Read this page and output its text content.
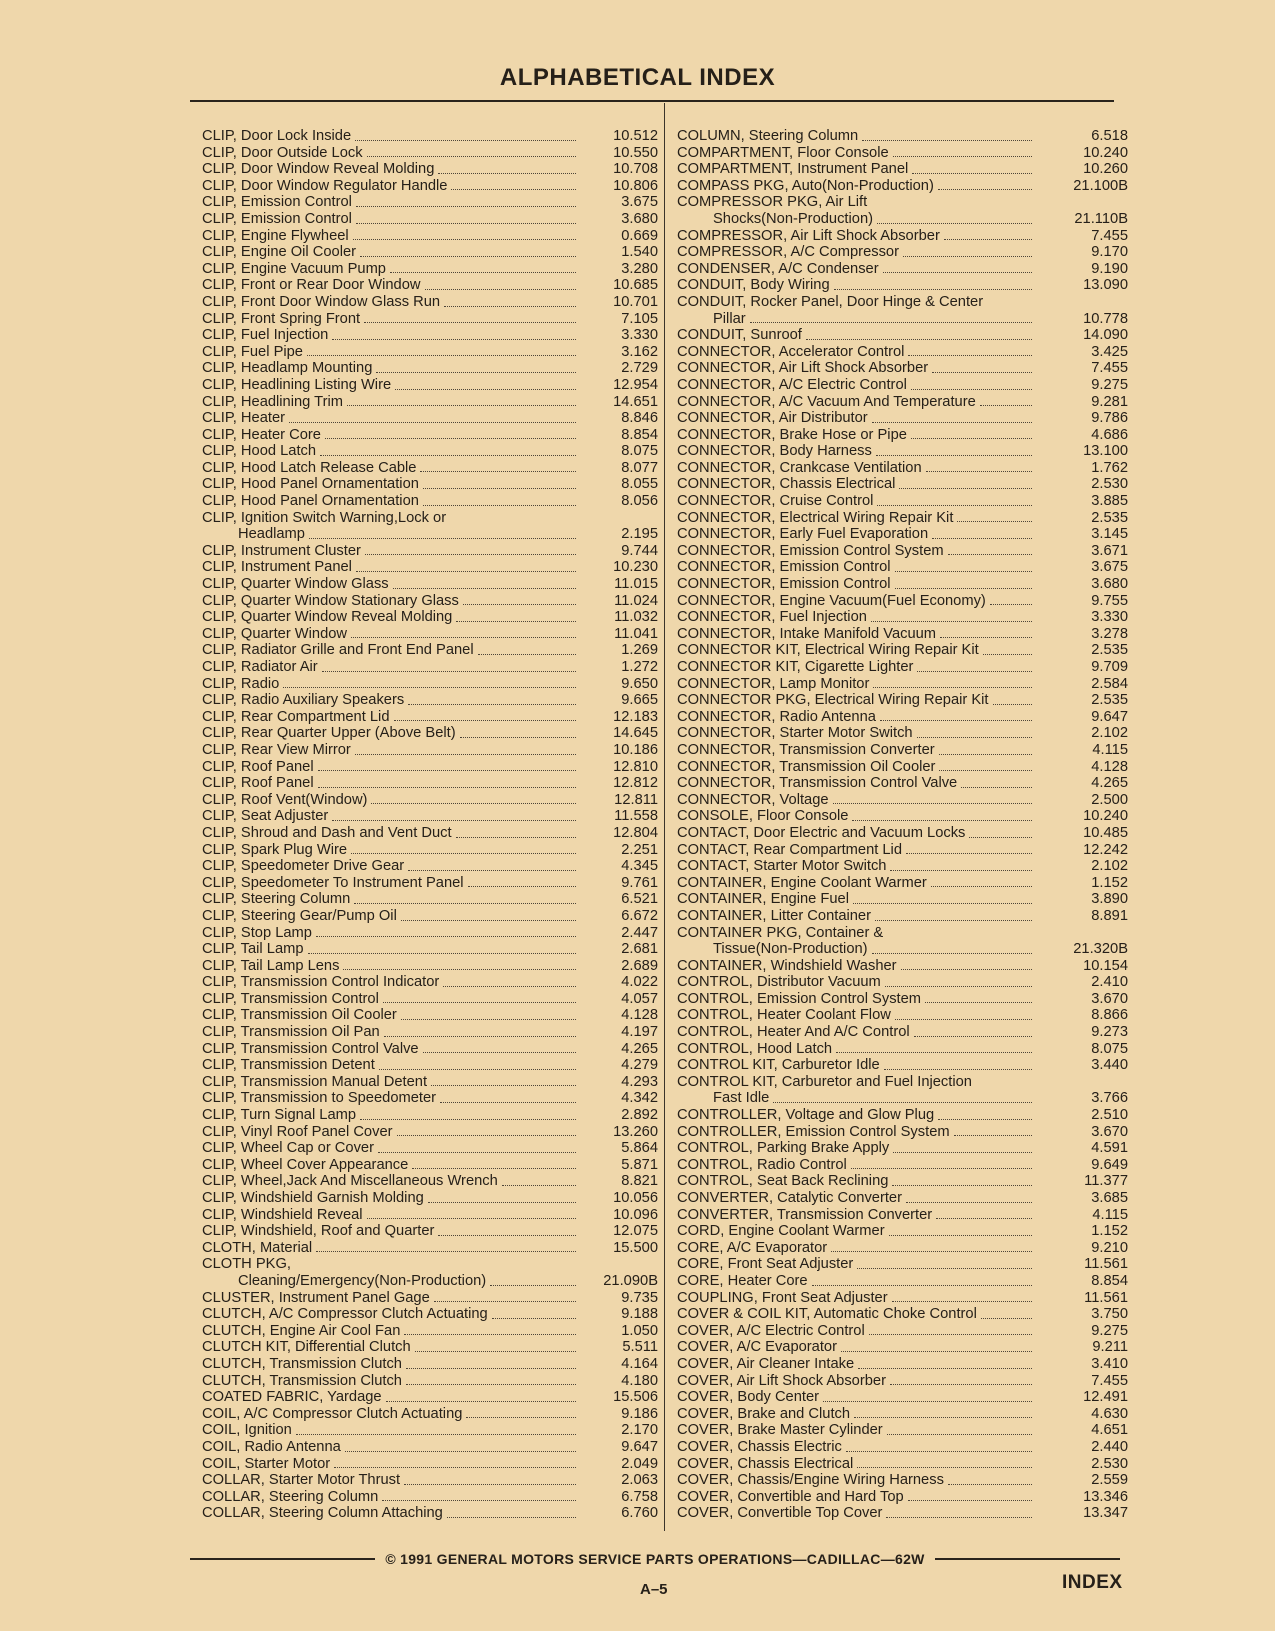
ALPHABETICAL INDEX
CLIP, Door Lock Inside	10.512
CLIP, Door Outside Lock	10.550
CLIP, Door Window Reveal Molding	10.708
CLIP, Door Window Regulator Handle	10.806
CLIP, Emission Control	3.675
CLIP, Emission Control	3.680
CLIP, Engine Flywheel	0.669
CLIP, Engine Oil Cooler	1.540
CLIP, Engine Vacuum Pump	3.280
CLIP, Front or Rear Door Window	10.685
CLIP, Front Door Window Glass Run	10.701
CLIP, Front Spring Front	7.105
CLIP, Fuel Injection	3.330
CLIP, Fuel Pipe	3.162
CLIP, Headlamp Mounting	2.729
CLIP, Headlining Listing Wire	12.954
CLIP, Headlining Trim	14.651
CLIP, Heater	8.846
CLIP, Heater Core	8.854
CLIP, Hood Latch	8.075
CLIP, Hood Latch Release Cable	8.077
CLIP, Hood Panel Ornamentation	8.055
CLIP, Hood Panel Ornamentation	8.056
CLIP, Ignition Switch Warning,Lock or
Headlamp	2.195
CLIP, Instrument Cluster	9.744
CLIP, Instrument Panel	10.230
CLIP, Quarter Window Glass	11.015
CLIP, Quarter Window Stationary Glass	11.024
CLIP, Quarter Window Reveal Molding	11.032
CLIP, Quarter Window	11.041
CLIP, Radiator Grille and Front End Panel	1.269
CLIP, Radiator Air	1.272
CLIP, Radio	9.650
CLIP, Radio Auxiliary Speakers	9.665
CLIP, Rear Compartment Lid	12.183
CLIP, Rear Quarter Upper (Above Belt)	14.645
CLIP, Rear View Mirror	10.186
CLIP, Roof Panel	12.810
CLIP, Roof Panel	12.812
CLIP, Roof Vent(Window)	12.811
CLIP, Seat Adjuster	11.558
CLIP, Shroud and Dash and Vent Duct	12.804
CLIP, Spark Plug Wire	2.251
CLIP, Speedometer Drive Gear	4.345
CLIP, Speedometer To Instrument Panel	9.761
CLIP, Steering Column	6.521
CLIP, Steering Gear/Pump Oil	6.672
CLIP, Stop Lamp	2.447
CLIP, Tail Lamp	2.681
CLIP, Tail Lamp Lens	2.689
CLIP, Transmission Control Indicator	4.022
CLIP, Transmission Control	4.057
CLIP, Transmission Oil Cooler	4.128
CLIP, Transmission Oil Pan	4.197
CLIP, Transmission Control Valve	4.265
CLIP, Transmission Detent	4.279
CLIP, Transmission Manual Detent	4.293
CLIP, Transmission to Speedometer	4.342
CLIP, Turn Signal Lamp	2.892
CLIP, Vinyl Roof Panel Cover	13.260
CLIP, Wheel Cap or Cover	5.864
CLIP, Wheel Cover Appearance	5.871
CLIP, Wheel,Jack And Miscellaneous Wrench	8.821
CLIP, Windshield Garnish Molding	10.056
CLIP, Windshield Reveal	10.096
CLIP, Windshield, Roof and Quarter	12.075
CLOTH, Material	15.500
CLOTH PKG,
Cleaning/Emergency(Non-Production)	21.090B
CLUSTER, Instrument Panel Gage	9.735
CLUTCH, A/C Compressor Clutch Actuating	9.188
CLUTCH, Engine Air Cool Fan	1.050
CLUTCH KIT, Differential Clutch	5.511
CLUTCH, Transmission Clutch	4.164
CLUTCH, Transmission Clutch	4.180
COATED FABRIC, Yardage	15.506
COIL, A/C Compressor Clutch Actuating	9.186
COIL, Ignition	2.170
COIL, Radio Antenna	9.647
COIL, Starter Motor	2.049
COLLAR, Starter Motor Thrust	2.063
COLLAR, Steering Column	6.758
COLLAR, Steering Column Attaching	6.760
COLUMN, Steering Column	6.518
COMPARTMENT, Floor Console	10.240
COMPARTMENT, Instrument Panel	10.260
COMPASS PKG, Auto(Non-Production)	21.100B
COMPRESSOR PKG, Air Lift
Shocks(Non-Production)	21.110B
COMPRESSOR, Air Lift Shock Absorber	7.455
COMPRESSOR, A/C Compressor	9.170
CONDENSER, A/C Condenser	9.190
CONDUIT, Body Wiring	13.090
CONDUIT, Rocker Panel, Door Hinge & Center
Pillar	10.778
CONDUIT, Sunroof	14.090
CONNECTOR, Accelerator Control	3.425
CONNECTOR, Air Lift Shock Absorber	7.455
CONNECTOR, A/C Electric Control	9.275
CONNECTOR, A/C Vacuum And Temperature	9.281
CONNECTOR, Air Distributor	9.786
CONNECTOR, Brake Hose or Pipe	4.686
CONNECTOR, Body Harness	13.100
CONNECTOR, Crankcase Ventilation	1.762
CONNECTOR, Chassis Electrical	2.530
CONNECTOR, Cruise Control	3.885
CONNECTOR, Electrical Wiring Repair Kit	2.535
CONNECTOR, Early Fuel Evaporation	3.145
CONNECTOR, Emission Control System	3.671
CONNECTOR, Emission Control	3.675
CONNECTOR, Emission Control	3.680
CONNECTOR, Engine Vacuum(Fuel Economy)	9.755
CONNECTOR, Fuel Injection	3.330
CONNECTOR, Intake Manifold Vacuum	3.278
CONNECTOR KIT, Electrical Wiring Repair Kit	2.535
CONNECTOR KIT, Cigarette Lighter	9.709
CONNECTOR, Lamp Monitor	2.584
CONNECTOR PKG, Electrical Wiring Repair Kit	2.535
CONNECTOR, Radio Antenna	9.647
CONNECTOR, Starter Motor Switch	2.102
CONNECTOR, Transmission Converter	4.115
CONNECTOR, Transmission Oil Cooler	4.128
CONNECTOR, Transmission Control Valve	4.265
CONNECTOR, Voltage	2.500
CONSOLE, Floor Console	10.240
CONTACT, Door Electric and Vacuum Locks	10.485
CONTACT, Rear Compartment Lid	12.242
CONTACT, Starter Motor Switch	2.102
CONTAINER, Engine Coolant Warmer	1.152
CONTAINER, Engine Fuel	3.890
CONTAINER, Litter Container	8.891
CONTAINER PKG, Container &
Tissue(Non-Production)	21.320B
CONTAINER, Windshield Washer	10.154
CONTROL, Distributor Vacuum	2.410
CONTROL, Emission Control System	3.670
CONTROL, Heater Coolant Flow	8.866
CONTROL, Heater And A/C Control	9.273
CONTROL, Hood Latch	8.075
CONTROL KIT, Carburetor Idle	3.440
CONTROL KIT, Carburetor and Fuel Injection
Fast Idle	3.766
CONTROLLER, Voltage and Glow Plug	2.510
CONTROLLER, Emission Control System	3.670
CONTROL, Parking Brake Apply	4.591
CONTROL, Radio Control	9.649
CONTROL, Seat Back Reclining	11.377
CONVERTER, Catalytic Converter	3.685
CONVERTER, Transmission Converter	4.115
CORD, Engine Coolant Warmer	1.152
CORE, A/C Evaporator	9.210
CORE, Front Seat Adjuster	11.561
CORE, Heater Core	8.854
COUPLING, Front Seat Adjuster	11.561
COVER & COIL KIT, Automatic Choke Control	3.750
COVER, A/C Electric Control	9.275
COVER, A/C Evaporator	9.211
COVER, Air Cleaner Intake	3.410
COVER, Air Lift Shock Absorber	7.455
COVER, Body Center	12.491
COVER, Brake and Clutch	4.630
COVER, Brake Master Cylinder	4.651
COVER, Chassis Electric	2.440
COVER, Chassis Electrical	2.530
COVER, Chassis/Engine Wiring Harness	2.559
COVER, Convertible and Hard Top	13.346
COVER, Convertible Top Cover	13.347
© 1991 GENERAL MOTORS SERVICE PARTS OPERATIONS—CADILLAC—62W
A–5	INDEX
